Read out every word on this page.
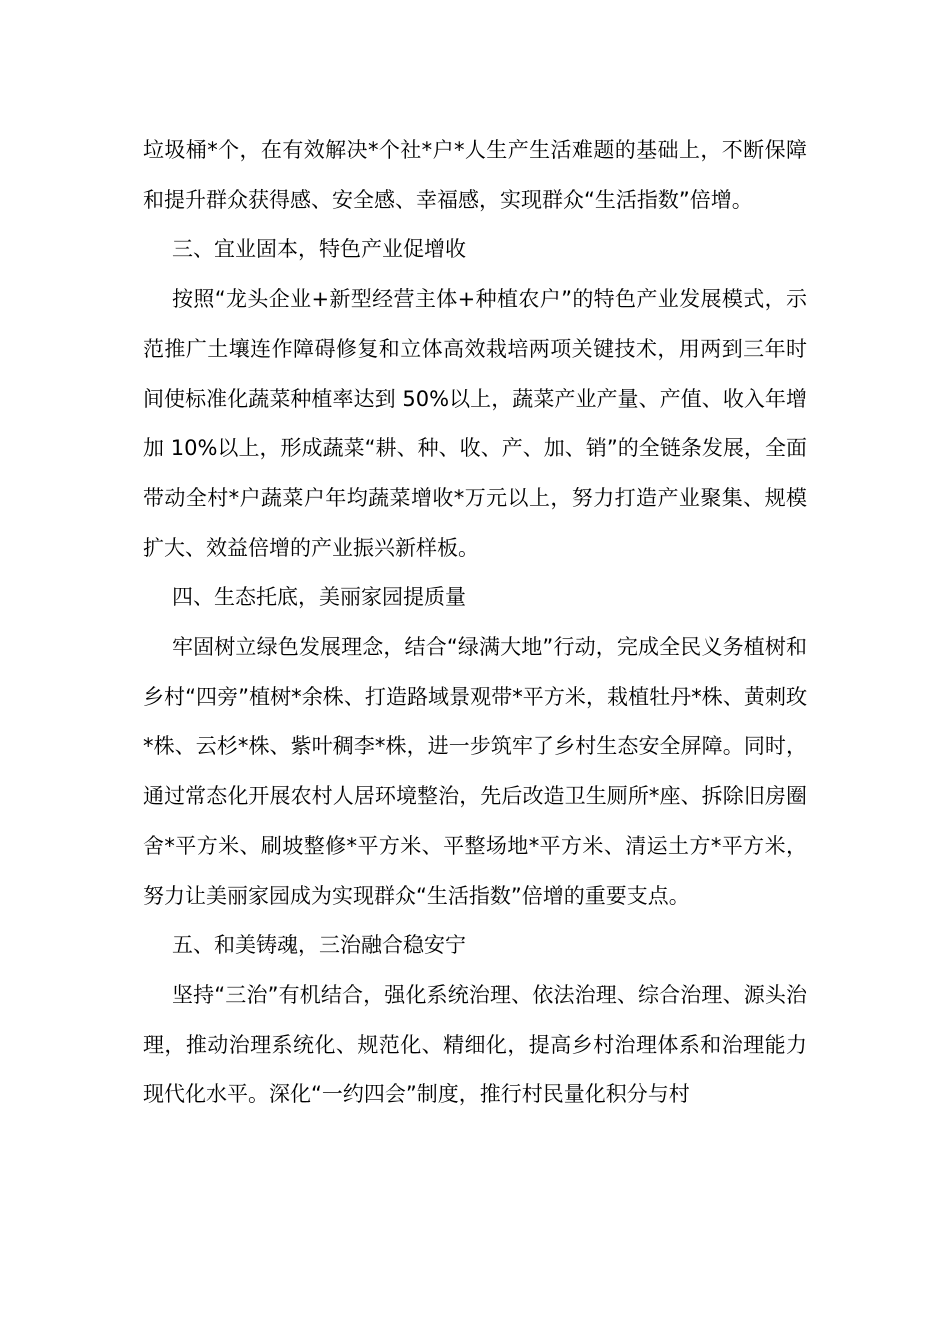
垃圾桶*个，在有效解决*个社*户*人生产生活难题的基础上，不断保障和提升群众获得感、安全感、幸福感，实现群众“生活指数”倍增。

三、宜业固本，特色产业促增收

按照“龙头企业+新型经营主体+种植农户”的特色产业发展模式，示范推广土壤连作障碍修复和立体高效栽培两项关键技术，用两到三年时间使标准化蔬菜种植率达到 50%以上，蔬菜产业产量、产值、收入年增加 10%以上，形成蔬菜“耕、种、收、产、加、销”的全链条发展，全面带动全村*户蔬菜户年均蔬菜增收*万元以上，努力打造产业聚集、规模扩大、效益倍增的产业振兴新样板。

四、生态托底，美丽家园提质量

牢固树立绿色发展理念，结合“绿满大地”行动，完成全民义务植树和乡村“四旁”植树*余株、打造路域景观带*平方米，栽植牡丹*株、黄刺玫*株、云杉*株、紫叶稠李*株，进一步筑牢了乡村生态安全屏障。同时，通过常态化开展农村人居环境整治，先后改造卫生厕所*座、拆除旧房圈舍*平方米、刷坡整修*平方米、平整场地*平方米、清运土方*平方米，努力让美丽家园成为实现群众“生活指数”倍增的重要支点。

五、和美铸魂，三治融合稳安宁

坚持“三治”有机结合，强化系统治理、依法治理、综合治理、源头治理，推动治理系统化、规范化、精细化，提高乡村治理体系和治理能力现代化水平。深化“一约四会”制度，推行村民量化积分与村
